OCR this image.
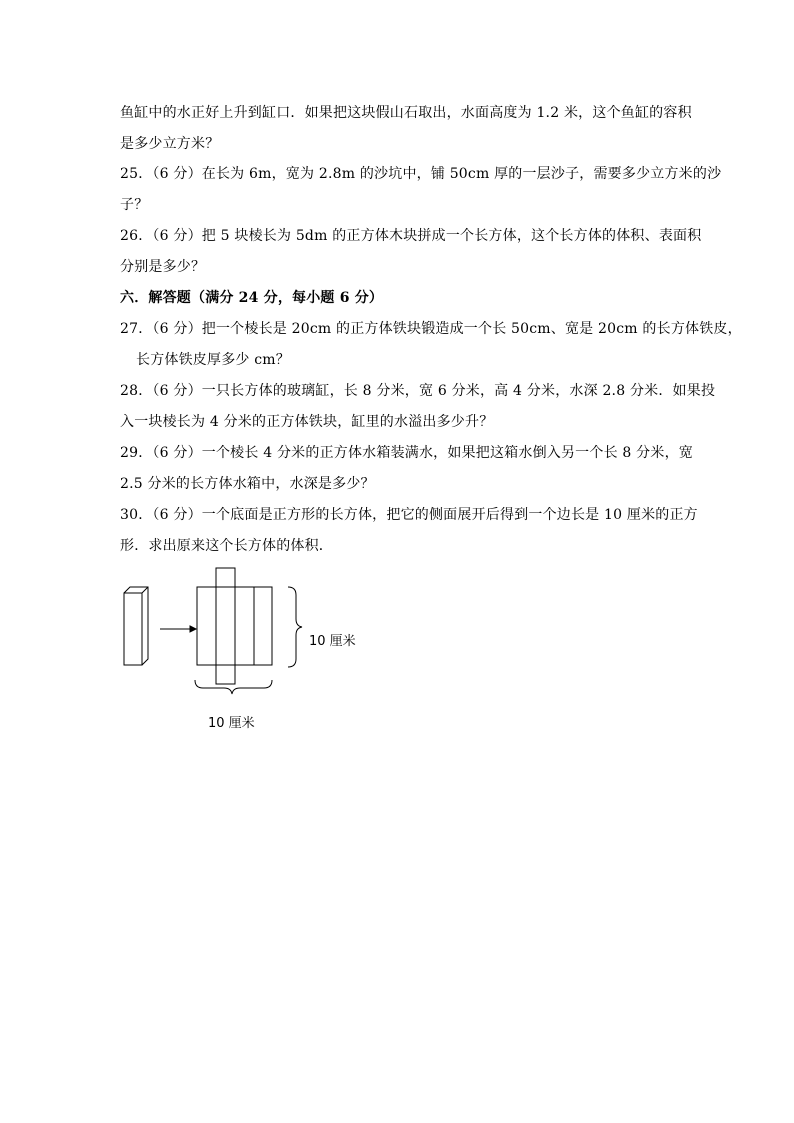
鱼缸中的水正好上升到缸口．如果把这块假山石取出，水面高度为 1.2 米，这个鱼缸的容积
是多少立方米？
25．（6 分）在长为 6m，宽为 2.8m 的沙坑中，铺 50cm 厚的一层沙子，需要多少立方米的沙
子？
26．（6 分）把 5 块棱长为 5dm 的正方体木块拼成一个长方体，这个长方体的体积、表面积
分别是多少？
六．解答题（满分 24 分，每小题 6 分）
27．（6 分）把一个棱长是 20cm 的正方体铁块锻造成一个长 50cm、宽是 20cm 的长方体铁皮，
长方体铁皮厚多少 cm？
28．（6 分）一只长方体的玻璃缸，长 8 分米，宽 6 分米，高 4 分米，水深 2.8 分米．如果投
入一块棱长为 4 分米的正方体铁块，缸里的水溢出多少升？
29．（6 分）一个棱长 4 分米的正方体水箱装满水，如果把这箱水倒入另一个长 8 分米，宽
2.5 分米的长方体水箱中，水深是多少？
30．（6 分）一个底面是正方形的长方体，把它的侧面展开后得到一个边长是 10 厘米的正方
形．求出原来这个长方体的体积．
10 厘米
10 厘米
